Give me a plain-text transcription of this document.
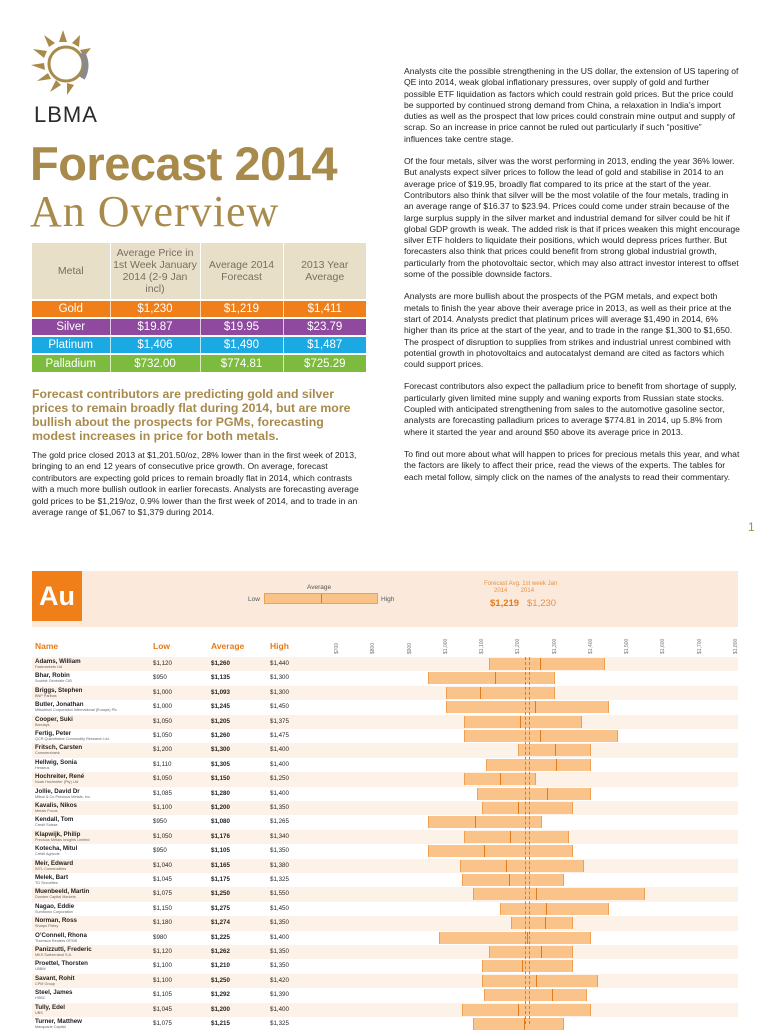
LBMA
Forecast 2014
An Overview
Metal	Average Price in 1st Week January 2014 (2-9 Jan incl)	Average 2014 Forecast	2013 Year Average
Gold	$1,230	$1,219	$1,411
Silver	$19.87	$19.95	$23.79
Platinum	$1,406	$1,490	$1,487
Palladium	$732.00	$774.81	$725.29
Forecast contributors are predicting gold and silver prices to remain broadly flat during 2014, but are more bullish about the prospects for PGMs, forecasting modest increases in price for both metals.
The gold price closed 2013 at $1,201.50/oz, 28% lower than in the first week of 2013, bringing to an end 12 years of consecutive price growth. On average, forecast contributors are expecting gold prices to remain broadly flat in 2014, which contrasts with a much more bullish outlook in earlier forecasts. Analysts are forecasting average gold prices to be $1,219/oz, 0.9% lower than the first week of 2014, and to trade in an average range of $1,067 to $1,379 during 2014.

Analysts cite the possible strengthening in the US dollar, the extension of US tapering of QE into 2014, weak global inflationary pressures, over supply of gold and further possible ETF liquidation as factors which could restrain gold prices. But the price could be supported by continued strong demand from China, a relaxation in India’s import duties as well as the prospect that low prices could constrain mine output and supply of scrap. So an increase in price cannot be ruled out particularly if such “positive” influences take centre stage.

Of the four metals, silver was the worst performing in 2013, ending the year 36% lower. But analysts expect silver prices to follow the lead of gold and stabilise in 2014 to an average price of $19.95, broadly flat compared to its price at the start of the year. Contributors also think that silver will be the most volatile of the four metals, trading in an average range of $16.37 to $23.94. Prices could come under strain because of the large surplus supply in the silver market and industrial demand for silver could be hit if global GDP growth is weak. The added risk is that if prices weaken this might encourage silver ETF holders to liquidate their positions, which would depress prices further. But forecasters also think that prices could benefit from strong global industrial growth, particularly from the photovoltaic sector, which may also attract investor interest to offset some of the possible downside factors.

Analysts are more bullish about the prospects of the PGM metals, and expect both metals to finish the year above their average price in 2013, as well as their price at the start of 2014. Analysts predict that platinum prices will average $1,490 in 2014, 6% higher than its price at the start of the year, and to trade in the range $1,300 to $1,650. The prospect of disruption to supplies from strikes and industrial unrest combined with potential growth in photovoltaics and autocatalyst demand are cited as factors which could support prices.

Forecast contributors also expect the palladium price to benefit from shortage of supply, particularly given limited mine supply and waning exports from Russian state stocks. Coupled with anticipated strengthening from sales to the automotive gasoline sector, analysts are forecasting palladium prices to average $774.81 in 2014, up 5.8% from where it started the year and around $50 above its average price in 2013.

To find out more about what will happen to prices for precious metals this year, and what the factors are likely to affect their price, read the views of the experts. The tables for each metal follow, simply click on the names of the analysts to read their commentary.

1
Au	Average
Low	High
Forecast Avg. 1st week Jan
2014        2014
$1,219 $1,230
Name	Low	Average	High	$700	$800	$900	$1,000	$1,100	$1,200	$1,300	$1,400	$1,500	$1,600	$1,700	$1,800
Adams, William
Fastmarkets Ltd	$1,120	$1,260	$1,440
Bhar, Robin
Société Générale CIB	$950	$1,135	$1,300
Briggs, Stephen
BNP Paribas	$1,000	$1,093	$1,300
Butler, Jonathan
Mitsubishi Corporation International (Europe) Plc	$1,000	$1,245	$1,450
Cooper, Suki
Barclays	$1,050	$1,205	$1,375
Fertig, Peter
QCR Quantitative Commodity Research Ltd.	$1,050	$1,260	$1,475
Fritsch, Carsten
Commerzbank	$1,200	$1,300	$1,400
Hellwig, Sonia
Heraeus	$1,110	$1,305	$1,400
Hochreiter, René
Noah Hochreiter (Pty) Ltd	$1,050	$1,150	$1,250
Jollie, David Dr
Mitsui & Co Precious Metals, Inc.	$1,085	$1,280	$1,400
Kavalis, Nikos
Metals Focus	$1,100	$1,200	$1,350
Kendall, Tom
Credit Suisse	$950	$1,080	$1,265
Klapwijk, Philip
Precious Metals Insights Limited	$1,050	$1,176	$1,340
Kotecha, Mitul
Crédit Agricole	$950	$1,105	$1,350
Meir, Edward
INTL Commodities	$1,040	$1,165	$1,380
Melek, Bart
TD Securities	$1,045	$1,175	$1,325
Muenbeeld, Martin
Dundee Capital Markets	$1,075	$1,250	$1,550
Nagao, Eddie
Sumitomo Corporation	$1,150	$1,275	$1,450
Norman, Ross
Sharps Pixley	$1,180	$1,274	$1,350
O’Connell, Rhona
Thomson Reuters GFMS	$980	$1,225	$1,400
Panizzutti, Frederic
MKS Switzerland S.A.	$1,120	$1,262	$1,350
Proettel, Thorsten
LBBW	$1,100	$1,210	$1,350
Savant, Rohit
CPM Group	$1,100	$1,250	$1,420
Steel, James
HSBC	$1,105	$1,292	$1,390
Tully, Edel
UBS	$1,045	$1,200	$1,400
Turner, Matthew
Macquarie Capital	$1,075	$1,215	$1,325
